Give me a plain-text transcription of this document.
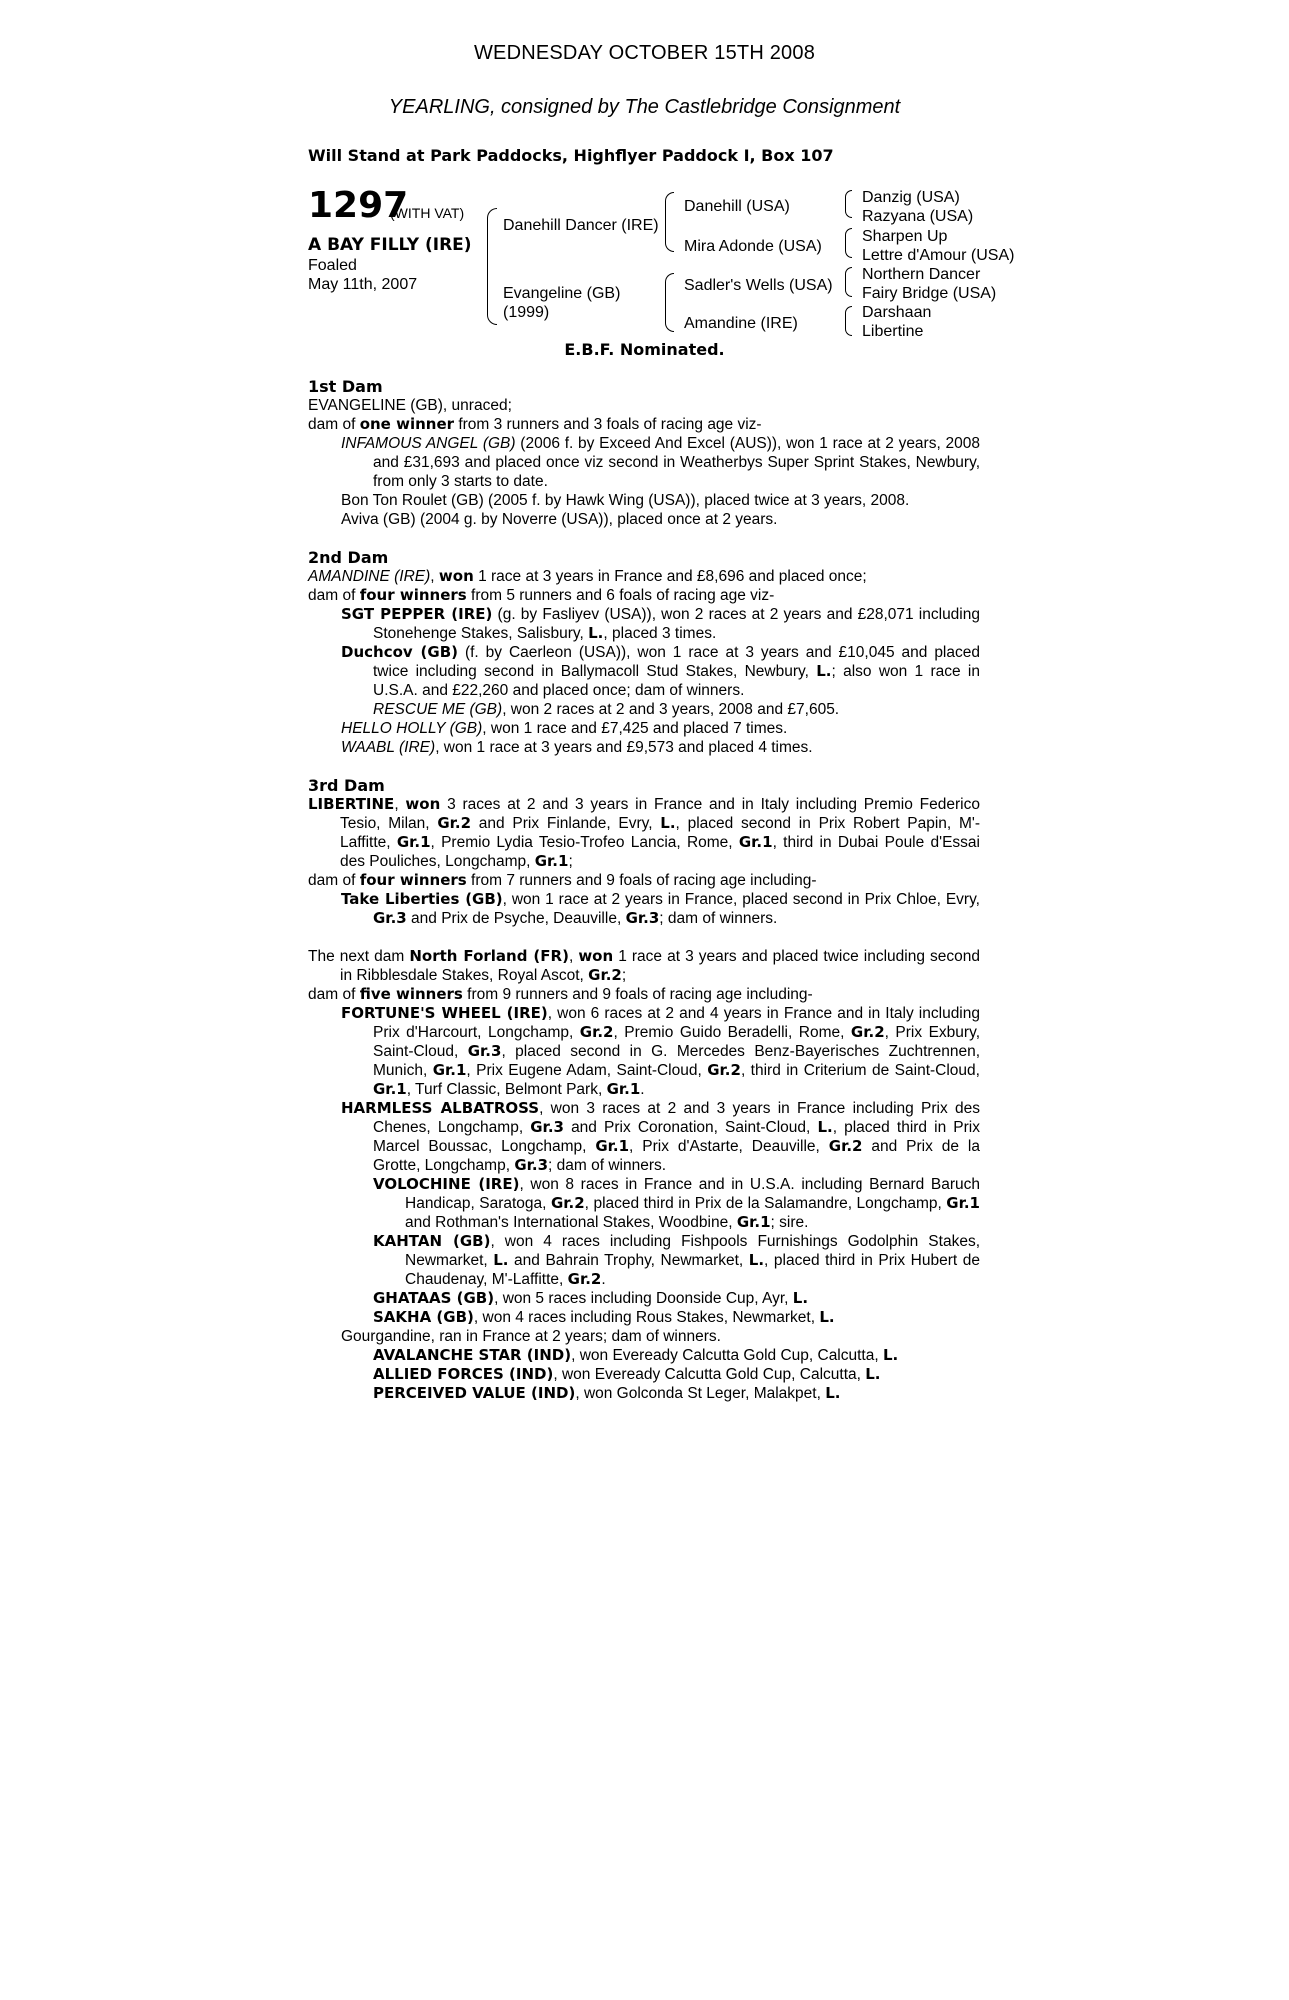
WEDNESDAY OCTOBER 15TH 2008
YEARLING, consigned by The Castlebridge Consignment
Will Stand at Park Paddocks, Highflyer Paddock I, Box 107
1297
(WITH VAT)
A BAY FILLY (IRE)
Foaled
May 11th, 2007
Danehill Dancer (IRE)
Evangeline (GB)
(1999)
Danehill (USA)
Mira Adonde (USA)
Sadler's Wells (USA)
Amandine (IRE)
Danzig (USA)
Razyana (USA)
Sharpen Up
Lettre d'Amour (USA)
Northern Dancer
Fairy Bridge (USA)
Darshaan
Libertine
E.B.F. Nominated.

1st Dam

EVANGELINE (GB), unraced;

dam of one winner from 3 runners and 3 foals of racing age viz-

INFAMOUS ANGEL (GB) (2006 f. by Exceed And Excel (AUS)), won 1 race at 2 years, 2008 and £31,693 and placed once viz second in Weatherbys Super Sprint Stakes, Newbury, from only 3 starts to date.

Bon Ton Roulet (GB) (2005 f. by Hawk Wing (USA)), placed twice at 3 years, 2008.

Aviva (GB) (2004 g. by Noverre (USA)), placed once at 2 years.

2nd Dam

AMANDINE (IRE), won 1 race at 3 years in France and £8,696 and placed once;

dam of four winners from 5 runners and 6 foals of racing age viz-

SGT PEPPER (IRE) (g. by Fasliyev (USA)), won 2 races at 2 years and £28,071 including Stonehenge Stakes, Salisbury, L., placed 3 times.

Duchcov (GB) (f. by Caerleon (USA)), won 1 race at 3 years and £10,045 and placed twice including second in Ballymacoll Stud Stakes, Newbury, L.; also won 1 race in U.S.A. and £22,260 and placed once; dam of winners.

RESCUE ME (GB), won 2 races at 2 and 3 years, 2008 and £7,605.

HELLO HOLLY (GB), won 1 race and £7,425 and placed 7 times.

WAABL (IRE), won 1 race at 3 years and £9,573 and placed 4 times.

3rd Dam

LIBERTINE, won 3 races at 2 and 3 years in France and in Italy including Premio Federico Tesio, Milan, Gr.2 and Prix Finlande, Evry, L., placed second in Prix Robert Papin, M'-Laffitte, Gr.1, Premio Lydia Tesio-Trofeo Lancia, Rome, Gr.1, third in Dubai Poule d'Essai des Pouliches, Longchamp, Gr.1;

dam of four winners from 7 runners and 9 foals of racing age including-

Take Liberties (GB), won 1 race at 2 years in France, placed second in Prix Chloe, Evry, Gr.3 and Prix de Psyche, Deauville, Gr.3; dam of winners.

The next dam North Forland (FR), won 1 race at 3 years and placed twice including second in Ribblesdale Stakes, Royal Ascot, Gr.2;

dam of five winners from 9 runners and 9 foals of racing age including-

FORTUNE'S WHEEL (IRE), won 6 races at 2 and 4 years in France and in Italy including Prix d'Harcourt, Longchamp, Gr.2, Premio Guido Beradelli, Rome, Gr.2, Prix Exbury, Saint-Cloud, Gr.3, placed second in G. Mercedes Benz-Bayerisches Zuchtrennen, Munich, Gr.1, Prix Eugene Adam, Saint-Cloud, Gr.2, third in Criterium de Saint-Cloud, Gr.1, Turf Classic, Belmont Park, Gr.1.

HARMLESS ALBATROSS, won 3 races at 2 and 3 years in France including Prix des Chenes, Longchamp, Gr.3 and Prix Coronation, Saint-Cloud, L., placed third in Prix Marcel Boussac, Longchamp, Gr.1, Prix d'Astarte, Deauville, Gr.2 and Prix de la Grotte, Longchamp, Gr.3; dam of winners.

VOLOCHINE (IRE), won 8 races in France and in U.S.A. including Bernard Baruch Handicap, Saratoga, Gr.2, placed third in Prix de la Salamandre, Longchamp, Gr.1 and Rothman's International Stakes, Woodbine, Gr.1; sire.

KAHTAN (GB), won 4 races including Fishpools Furnishings Godolphin Stakes, Newmarket, L. and Bahrain Trophy, Newmarket, L., placed third in Prix Hubert de Chaudenay, M'-Laffitte, Gr.2.

GHATAAS (GB), won 5 races including Doonside Cup, Ayr, L.

SAKHA (GB), won 4 races including Rous Stakes, Newmarket, L.

Gourgandine, ran in France at 2 years; dam of winners.

AVALANCHE STAR (IND), won Eveready Calcutta Gold Cup, Calcutta, L.

ALLIED FORCES (IND), won Eveready Calcutta Gold Cup, Calcutta, L.

PERCEIVED VALUE (IND), won Golconda St Leger, Malakpet, L.
